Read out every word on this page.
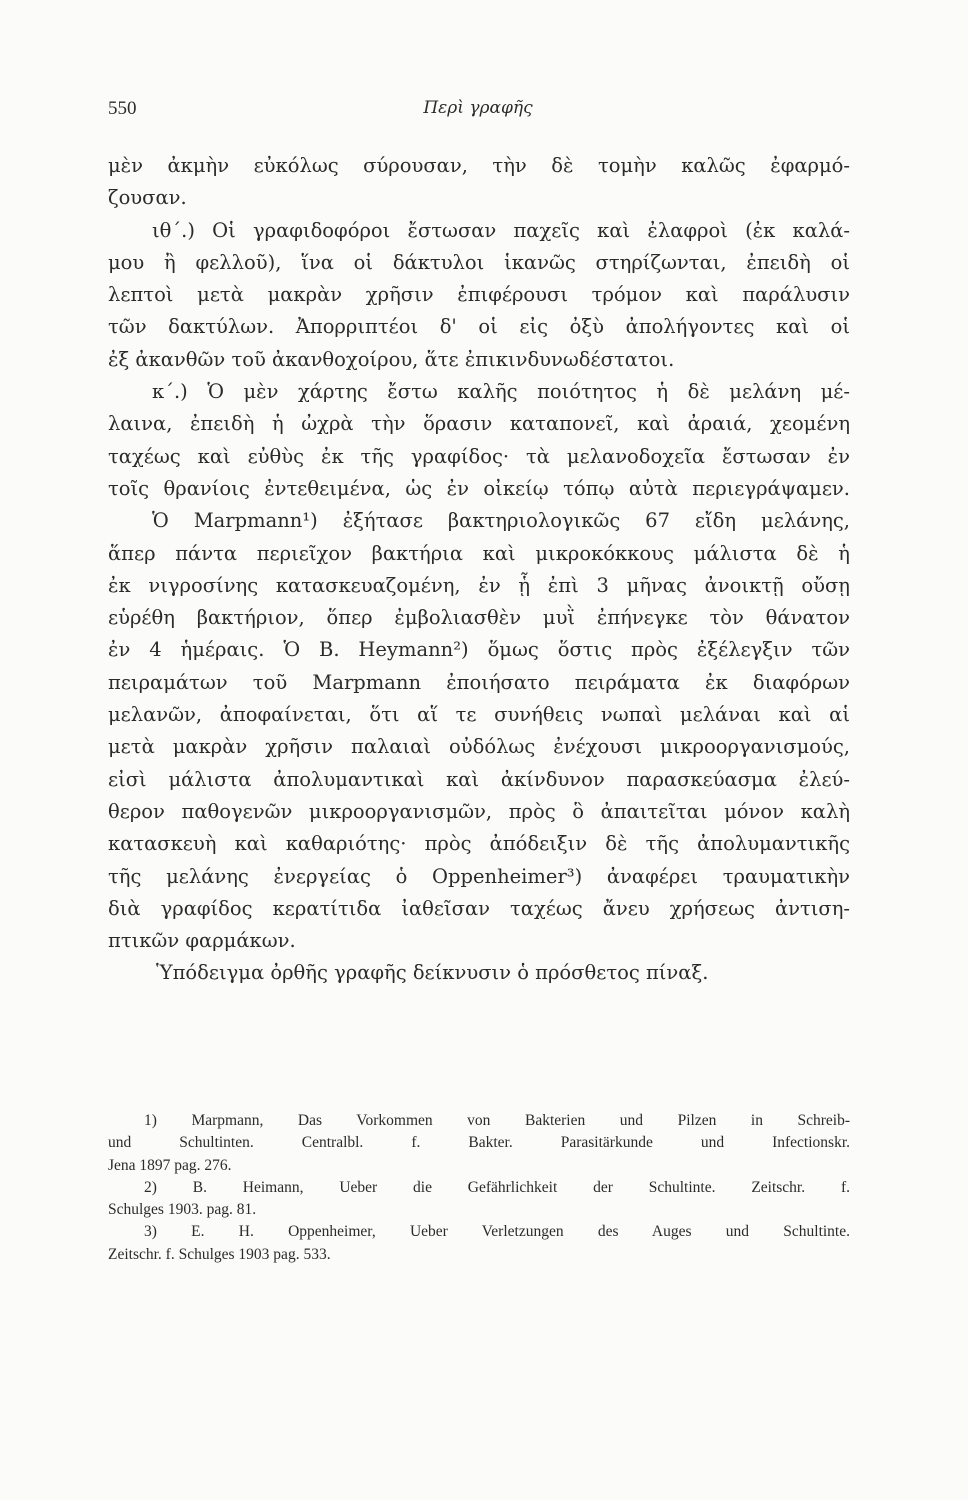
550	Περὶ γραφῆς
μὲν ἀκμὴν εὐκόλως σύρουσαν, τὴν δὲ τομὴν καλῶς ἐφαρμό-
ζουσαν.
ιθ΄.) Οἱ γραφιδοφόροι ἔστωσαν παχεῖς καὶ ἐλαφροὶ (ἐκ καλά-
μου ἢ φελλοῦ), ἵνα οἱ δάκτυλοι ἱκανῶς στηρίζωνται, ἐπειδὴ οἱ
λεπτοὶ μετὰ μακρὰν χρῆσιν ἐπιφέρουσι τρόμον καὶ παράλυσιν
τῶν δακτύλων. Ἀπορριπτέοι δ' οἱ εἰς ὀξὺ ἀπολήγοντες καὶ οἱ
ἐξ ἀκανθῶν τοῦ ἀκανθοχοίρου, ἅτε ἐπικινδυνωδέστατοι.
κ΄.) Ὁ μὲν χάρτης ἔστω καλῆς ποιότητος ἡ δὲ μελάνη μέ-
λαινα, ἐπειδὴ ἡ ὠχρὰ τὴν ὅρασιν καταπονεῖ, καὶ ἀραιά, χεομένη
ταχέως καὶ εὐθὺς ἐκ τῆς γραφίδος· τὰ μελανοδοχεῖα ἔστωσαν ἐν
τοῖς θρανίοις ἐντεθειμένα, ὡς ἐν οἰκείῳ τόπῳ αὐτὰ περιεγράψαμεν.
Ὁ Marpmann¹) ἐξήτασε βακτηριολογικῶς 67 εἴδη μελάνης,
ἅπερ πάντα περιεῖχον βακτήρια καὶ μικροκόκκους μάλιστα δὲ ἡ
ἐκ νιγροσίνης κατασκευαζομένη, ἐν ᾗ ἐπὶ 3 μῆνας ἀνοικτῇ οὔσῃ
εὑρέθη βακτήριον, ὅπερ ἐμβολιασθὲν μυῒ ἐπήνεγκε τὸν θάνατον
ἐν 4 ἡμέραις. Ὁ B. Heymann²) ὅμως ὅστις πρὸς ἐξέλεγξιν τῶν
πειραμάτων τοῦ Marpmann ἐποιήσατο πειράματα ἐκ διαφόρων
μελανῶν, ἀποφαίνεται, ὅτι αἵ τε συνήθεις νωπαὶ μελάναι καὶ αἱ
μετὰ μακρὰν χρῆσιν παλαιαὶ οὐδόλως ἐνέχουσι μικροοργανισμούς,
εἰσὶ μάλιστα ἀπολυμαντικαὶ καὶ ἀκίνδυνον παρασκεύασμα ἐλεύ-
θερον παθογενῶν μικροοργανισμῶν, πρὸς ὃ ἀπαιτεῖται μόνον καλὴ
κατασκευὴ καὶ καθαριότης· πρὸς ἀπόδειξιν δὲ τῆς ἀπολυμαντικῆς
τῆς μελάνης ἐνεργείας ὁ Oppenheimer³) ἀναφέρει τραυματικὴν
διὰ γραφίδος κερατίτιδα ἰαθεῖσαν ταχέως ἄνευ χρήσεως ἀντιση-
πτικῶν φαρμάκων.
Ὑπόδειγμα ὀρθῆς γραφῆς δείκνυσιν ὁ πρόσθετος πίναξ.
1) Marpmann, Das Vorkommen von Bakterien und Pilzen in Schreib-
und Schultinten. Centralbl. f. Bakter. Parasitärkunde und Infectionskr.
Jena 1897 pag. 276.
2) B. Heimann, Ueber die Gefährlichkeit der Schultinte. Zeitschr. f.
Schulges 1903. pag. 81.
3) E. H. Oppenheimer, Ueber Verletzungen des Auges und Schultinte.
Zeitschr. f. Schulges 1903 pag. 533.
